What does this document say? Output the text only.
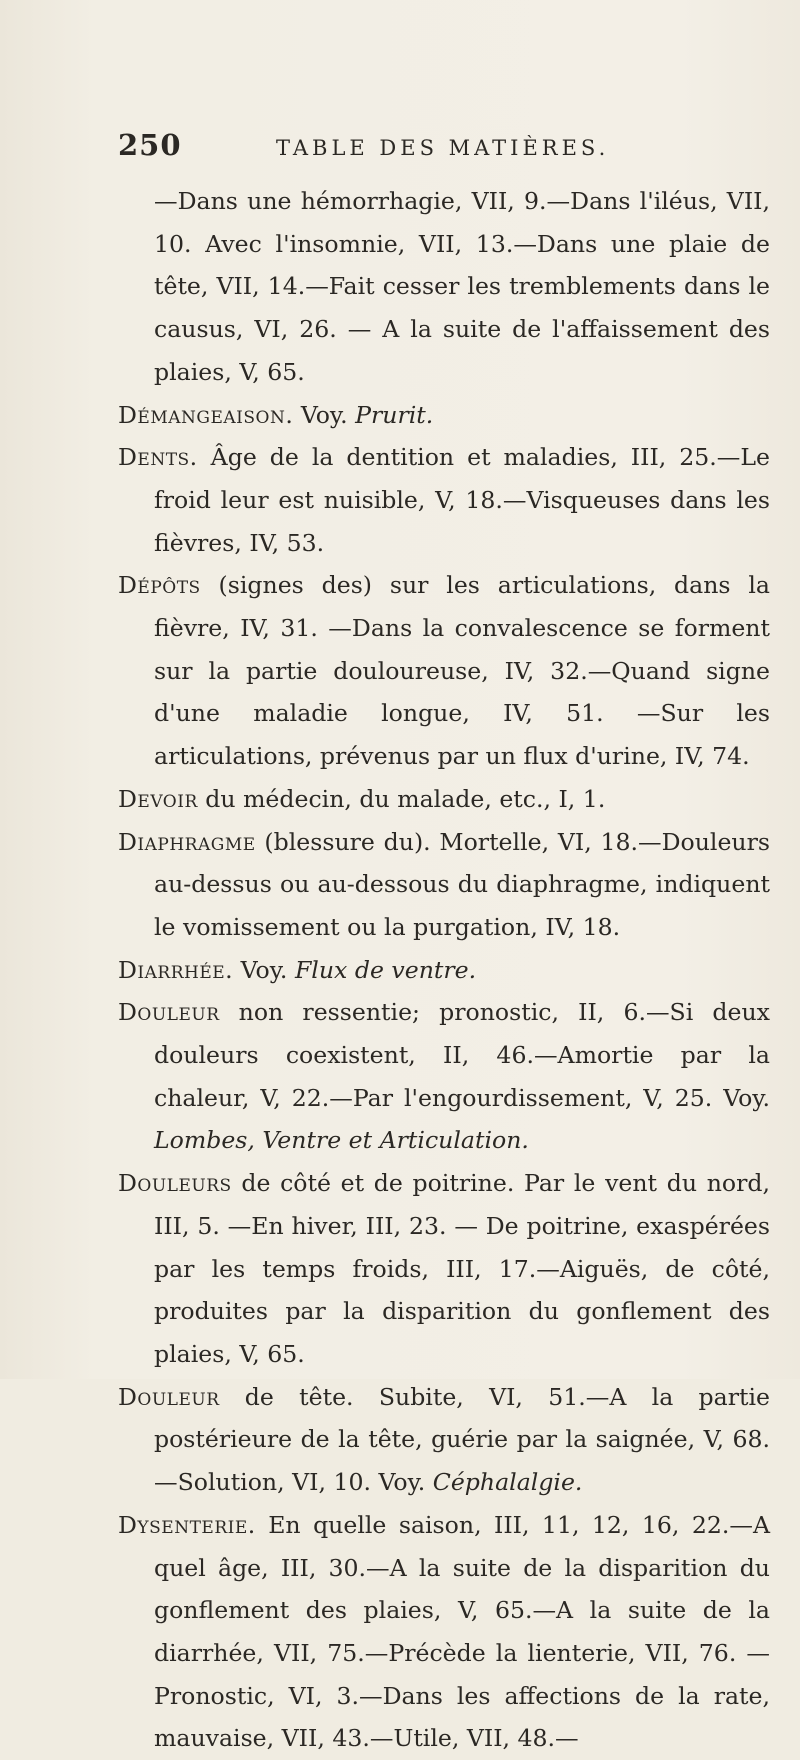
250	TABLE DES MATIÈRES.

—Dans une hémorrhagie, VII, 9.—Dans l'iléus, VII, 10. Avec l'insomnie, VII, 13.—Dans une plaie de tête, VII, 14.—Fait cesser les tremblements dans le causus, VI, 26. — A la suite de l'affaissement des plaies, V, 65.

Démangeaison. Voy. Prurit.

Dents. Âge de la dentition et maladies, III, 25.—Le froid leur est nuisible, V, 18.—Visqueuses dans les fièvres, IV, 53.

Dépôts (signes des) sur les articulations, dans la fièvre, IV, 31. —Dans la convalescence se forment sur la partie douloureuse, IV, 32.—Quand signe d'une maladie longue, IV, 51. —Sur les articulations, prévenus par un flux d'urine, IV, 74.

Devoir du médecin, du malade, etc., I, 1.

Diaphragme (blessure du). Mortelle, VI, 18.—Douleurs au-dessus ou au-dessous du diaphragme, indiquent le vomissement ou la purgation, IV, 18.

Diarrhée. Voy. Flux de ventre.

Douleur non ressentie; pronostic, II, 6.—Si deux douleurs coexistent, II, 46.—Amortie par la chaleur, V, 22.—Par l'engourdissement, V, 25. Voy. Lombes, Ventre et Articulation.

Douleurs de côté et de poitrine. Par le vent du nord, III, 5. —En hiver, III, 23. — De poitrine, exaspérées par les temps froids, III, 17.—Aiguës, de côté, produites par la disparition du gonflement des plaies, V, 65.

Douleur de tête. Subite, VI, 51.—A la partie postérieure de la tête, guérie par la saignée, V, 68.—Solution, VI, 10. Voy. Céphalalgie.

Dysenterie. En quelle saison, III, 11, 12, 16, 22.—A quel âge, III, 30.—A la suite de la disparition du gonflement des plaies, V, 65.—A la suite de la diarrhée, VII, 75.—Précède la lienterie, VII, 76. — Pronostic, VI, 3.—Dans les affections de la rate, mauvaise, VII, 43.—Utile, VII, 48.—
